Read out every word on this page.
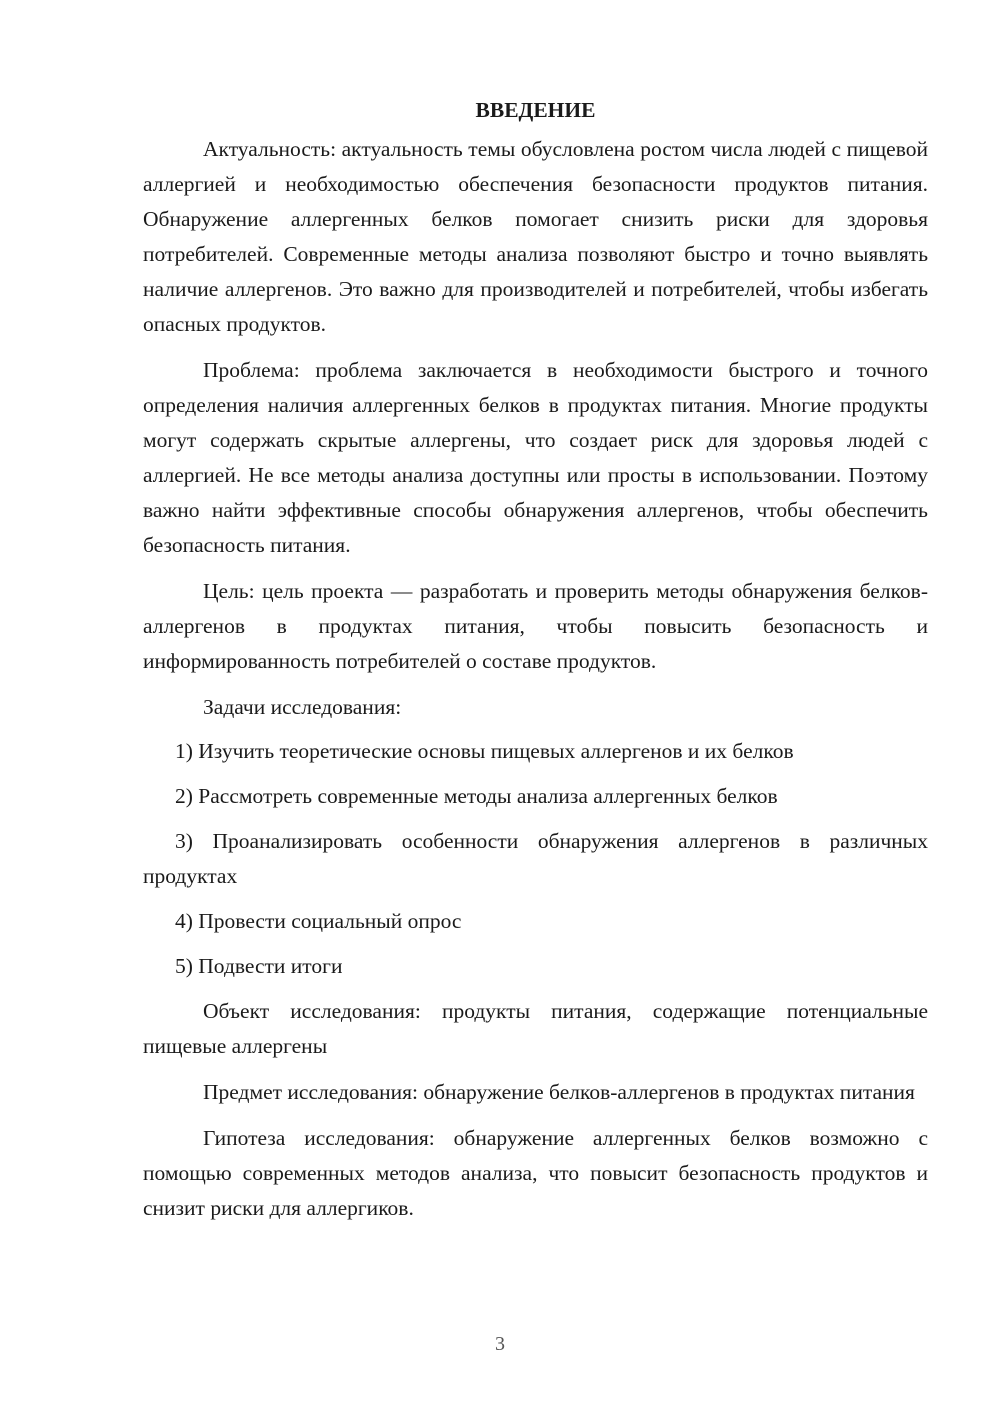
ВВЕДЕНИЕ

Актуальность: актуальность темы обусловлена ростом числа людей с пищевой аллергией и необходимостью обеспечения безопасности продуктов питания. Обнаружение аллергенных белков помогает снизить риски для здоровья потребителей. Современные методы анализа позволяют быстро и точно выявлять наличие аллергенов. Это важно для производителей и потребителей, чтобы избегать опасных продуктов.

Проблема: проблема заключается в необходимости быстрого и точного определения наличия аллергенных белков в продуктах питания. Многие продукты могут содержать скрытые аллергены, что создает риск для здоровья людей с аллергией. Не все методы анализа доступны или просты в использовании. Поэтому важно найти эффективные способы обнаружения аллергенов, чтобы обеспечить безопасность питания.

Цель: цель проекта — разработать и проверить методы обнаружения белков-аллергенов в продуктах питания, чтобы повысить безопасность и информированность потребителей о составе продуктов.

Задачи исследования:

1) Изучить теоретические основы пищевых аллергенов и их белков

2) Рассмотреть современные методы анализа аллергенных белков

3) Проанализировать особенности обнаружения аллергенов в различных продуктах

4) Провести социальный опрос

5) Подвести итоги

Объект исследования: продукты питания, содержащие потенциальные пищевые аллергены

Предмет исследования: обнаружение белков-аллергенов в продуктах питания

Гипотеза исследования: обнаружение аллергенных белков возможно с помощью современных методов анализа, что повысит безопасность продуктов и снизит риски для аллергиков.

3
